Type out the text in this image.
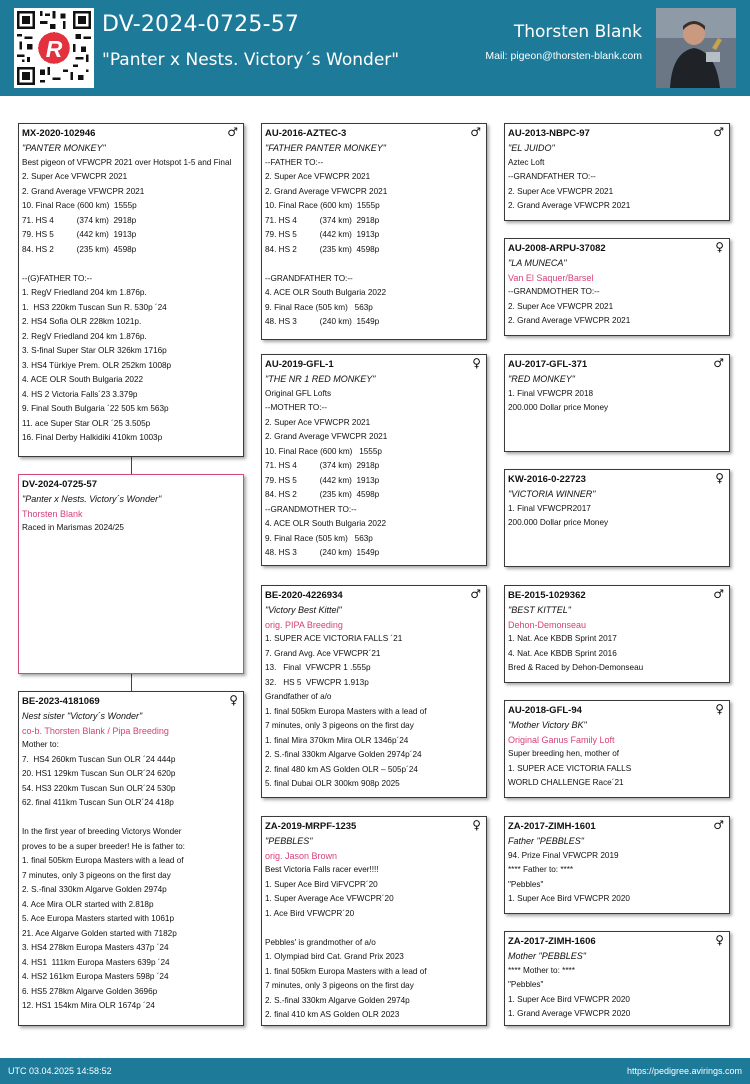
R
DV-2024-0725-57
"Panter x Nests. Victory´s Wonder"
Thorsten Blank
Mail: pigeon@thorsten-blank.com
DV-2024-0725-57
"Panter x Nests. Victory´s Wonder"
Thorsten Blank
Raced in Marismas 2024/25
MX-2020-102946	♂
"PANTER MONKEY"
Best pigeon of VFWCPR 2021 over Hotspot 1-5 and Final
2. Super Ace VFWCPR 2021
2. Grand Average VFWCPR 2021
10. Final Race (600 km)  1555p
71. HS 4          (374 km)  2918p
79. HS 5          (442 km)  1913p
84. HS 2          (235 km)  4598p
--(G)FATHER TO:--
1. RegV Friedland 204 km 1.876p.
1.  HS3 220km Tuscan Sun R. 530p ´24
2. HS4 Sofia OLR 228km 1021p.
2. RegV Friedland 204 km 1.876p.
3. S-final Super Star OLR 326km 1716p
3. HS4 Türkiye Prem. OLR 252km 1008p
4. ACE OLR South Bulgaria 2022
4. HS 2 Victoria Falls´23 3.379p
9. Final South Bulgaria ´22 505 km 563p
11. ace Super Star OLR ´25 3.505p
16. Final Derby Halkidiki 410km 1003p
BE-2023-4181069	♀
Nest sister "Victory´s Wonder"
co-b. Thorsten Blank / Pipa Breeding
Mother to:
7.  HS4 260km Tuscan Sun OLR ´24 444p
20. HS1 129km Tuscan Sun OLR´24 620p
54. HS3 220km Tuscan Sun OLR´24 530p
62. final 411km Tuscan Sun OLR´24 418p
In the first year of breeding Victorys Wonder
proves to be a super breeder! He is father to:
1. final 505km Europa Masters with a lead of
7 minutes, only 3 pigeons on the first day
2. S.-final 330km Algarve Golden 2974p
4. Ace Mira OLR started with 2.818p
5. Ace Europa Masters started with 1061p
21. Ace Algarve Golden started with 7182p
3. HS4 278km Europa Masters 437p ´24
4. HS1  111km Europa Masters 639p ´24
4. HS2 161km Europa Masters 598p ´24
6. HS5 278km Algarve Golden 3696p
12. HS1 154km Mira OLR 1674p ´24
AU-2016-AZTEC-3	♂
"FATHER PANTER MONKEY"
--FATHER TO:--
2. Super Ace VFWCPR 2021
2. Grand Average VFWCPR 2021
10. Final Race (600 km)  1555p
71. HS 4          (374 km)  2918p
79. HS 5          (442 km)  1913p
84. HS 2          (235 km)  4598p
--GRANDFATHER TO:--
4. ACE OLR South Bulgaria 2022
9. Final Race (505 km)   563p
48. HS 3          (240 km)  1549p
AU-2019-GFL-1	♀
"THE NR 1 RED MONKEY"
Original GFL Lofts
--MOTHER TO:--
2. Super Ace VFWCPR 2021
2. Grand Average VFWCPR 2021
10. Final Race (600 km)   1555p
71. HS 4          (374 km)  2918p
79. HS 5          (442 km)  1913p
84. HS 2          (235 km)  4598p
--GRANDMOTHER TO:--
4. ACE OLR South Bulgaria 2022
9. Final Race (505 km)   563p
48. HS 3          (240 km)  1549p
BE-2020-4226934	♂
"Victory Best Kittel"
orig. PIPA Breeding
1. SUPER ACE VICTORIA FALLS ´21
7. Grand Avg. Ace VFWCPR´21
13.   Final  VFWCPR 1 .555p
32.   HS 5  VFWCPR 1.913p
Grandfather of a/o
1. final 505km Europa Masters with a lead of
7 minutes, only 3 pigeons on the first day
1. final Mira 370km Mira OLR 1346p´24
2. S.-final 330km Algarve Golden 2974p´24
2. final 480 km AS Golden OLR – 505p´24
5. final Dubai OLR 300km 908p 2025
ZA-2019-MRPF-1235	♀
"PEBBLES"
orig. Jason Brown
Best Victoria Falls racer ever!!!!
1. Super Ace Bird ViFVCPR´20
1. Super Average Ace VFWCPR´20
1. Ace Bird VFWCPR´20
Pebbles' is grandmother of a/o
1. Olympiad bird Cat. Grand Prix 2023
1. final 505km Europa Masters with a lead of
7 minutes, only 3 pigeons on the first day
2. S.-final 330km Algarve Golden 2974p
2. final 410 km AS Golden OLR 2023
AU-2013-NBPC-97	♂
"EL JUIDO"
Aztec Loft
--GRANDFATHER TO:--
2. Super Ace VFWCPR 2021
2. Grand Average VFWCPR 2021
AU-2008-ARPU-37082	♀
"LA MUNECA"
Van El Saquer/Barsel
--GRANDMOTHER TO:--
2. Super Ace VFWCPR 2021
2. Grand Average VFWCPR 2021
AU-2017-GFL-371	♂
"RED MONKEY"
1. Final VFWCPR 2018
200.000 Dollar price Money
KW-2016-0-22723	♀
"VICTORIA WINNER"
1. Final VFWCPR2017
200.000 Dollar price Money
BE-2015-1029362	♂
"BEST KITTEL"
Dehon-Demonseau
1. Nat. Ace KBDB Sprint 2017
4. Nat. Ace KBDB Sprint 2016
Bred & Raced by Dehon-Demonseau
AU-2018-GFL-94	♀
"Mother Victory BK"
Original Ganus Family Loft
Super breeding hen, mother of
1. SUPER ACE VICTORIA FALLS
WORLD CHALLENGE Race´21
ZA-2017-ZIMH-1601	♂
Father "PEBBLES"
94. Prize Final VFWCPR 2019
**** Father to: ****
"Pebbles"
1. Super Ace Bird VFWCPR 2020
ZA-2017-ZIMH-1606	♀
Mother "PEBBLES"
**** Mother to: ****
"Pebbles"
1. Super Ace Bird VFWCPR 2020
1. Grand Average VFWCPR 2020
UTC 03.04.2025 14:58:52	https://pedigree.avirings.com
